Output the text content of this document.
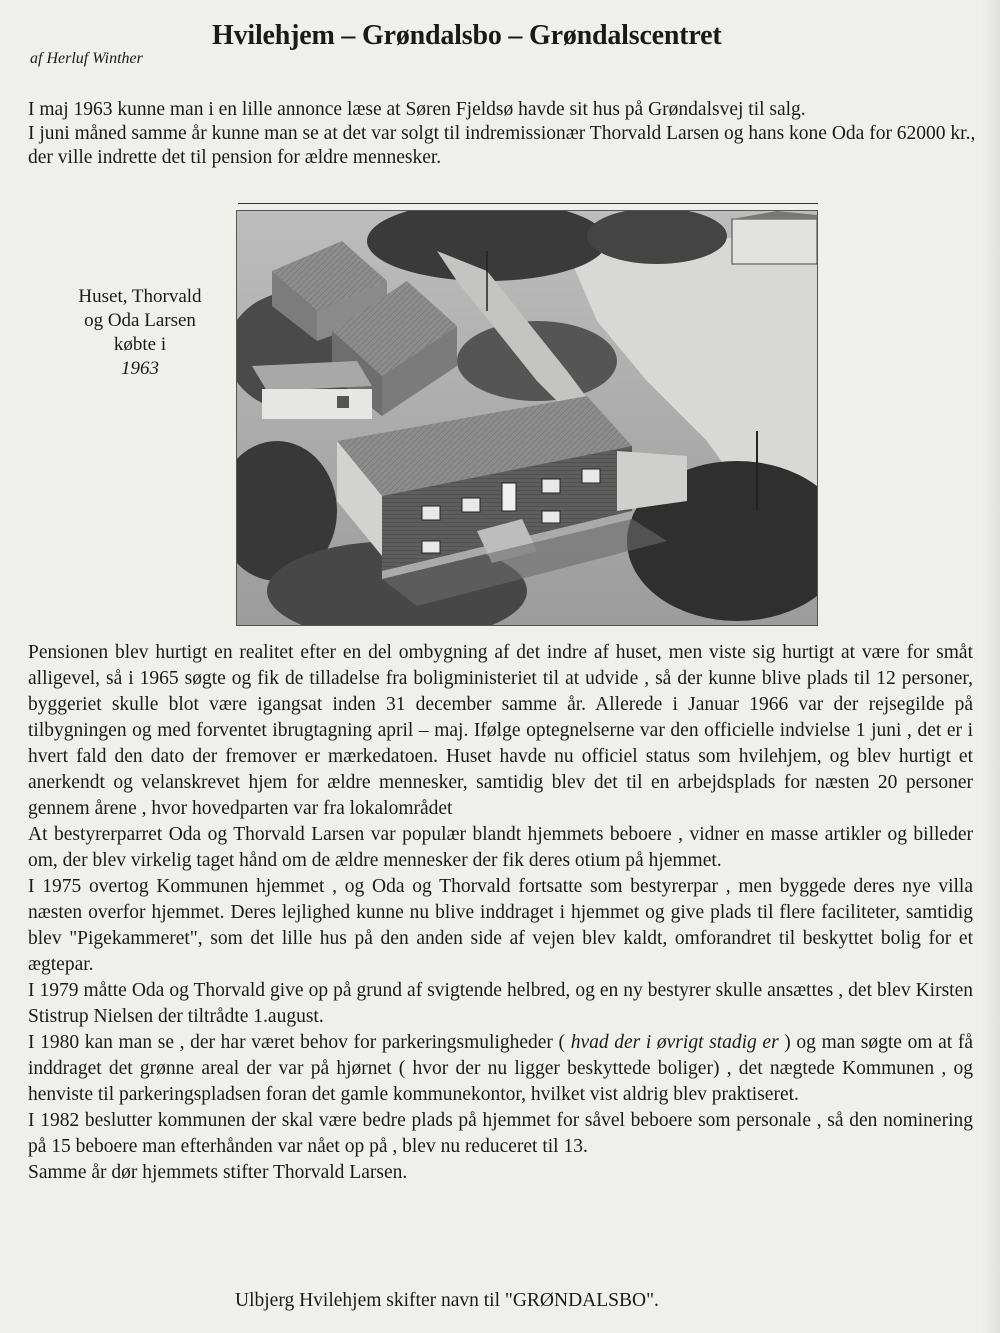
Hvilehjem – Grøndalsbo – Grøndalscentret

af Herluf Winther

I maj 1963 kunne man i en lille annonce læse at Søren Fjeldsø havde sit hus på Grøndalsvej til salg.

I juni måned samme år kunne man se at det var solgt til indremissionær Thorvald Larsen og hans kone Oda for 62000 kr., der ville indrette det til pension for ældre mennesker.

Huset, Thorvald
og Oda Larsen
købte i
1963

Pensionen blev hurtigt en realitet efter en del ombygning af det indre af huset, men viste sig hurtigt at være for småt alligevel, så i 1965 søgte og fik de tilladelse fra boligministeriet til at udvide , så der kunne blive plads til 12 personer, byggeriet skulle blot være igangsat inden 31 december samme år. Allerede i Januar 1966 var der rejsegilde på tilbygningen og med forventet ibrugtagning april – maj. Ifølge optegnelserne var den officielle indvielse 1 juni , det er i hvert fald den dato der fremover er mærkedatoen. Huset havde nu officiel status som hvilehjem, og blev hurtigt et anerkendt og velanskrevet hjem for ældre mennesker, samtidig blev det til en arbejdsplads for næsten 20 personer gennem årene , hvor hovedparten var fra lokalområdet

At bestyrerparret Oda og Thorvald Larsen var populær blandt hjemmets beboere , vidner en masse artikler og billeder om, der blev virkelig taget hånd om de ældre mennesker der fik deres otium på hjemmet.

I 1975 overtog Kommunen hjemmet , og Oda og Thorvald fortsatte som bestyrerpar , men byggede deres nye villa næsten overfor hjemmet. Deres lejlighed kunne nu blive inddraget i hjemmet og give plads til flere faciliteter, samtidig blev "Pigekammeret", som det lille hus på den anden side af vejen blev kaldt, omforandret til beskyttet bolig for et ægtepar.

I 1979 måtte Oda og Thorvald give op på grund af svigtende helbred, og en ny bestyrer skulle ansættes , det blev Kirsten Stistrup Nielsen der tiltrådte 1.august.

I 1980 kan man se , der har været behov for parkeringsmuligheder ( hvad der i øvrigt stadig er ) og man søgte om at få inddraget det grønne areal der var på hjørnet ( hvor der nu ligger beskyttede boliger) , det nægtede Kommunen , og henviste til parkeringspladsen foran det gamle kommunekontor, hvilket vist aldrig blev praktiseret.

I 1982 beslutter kommunen der skal være bedre plads på hjemmet for såvel beboere som personale , så den nominering på 15 beboere man efterhånden var nået op på , blev nu reduceret til 13.

Samme år dør hjemmets stifter Thorvald Larsen.

Ulbjerg Hvilehjem skifter navn til "GRØNDALSBO".
